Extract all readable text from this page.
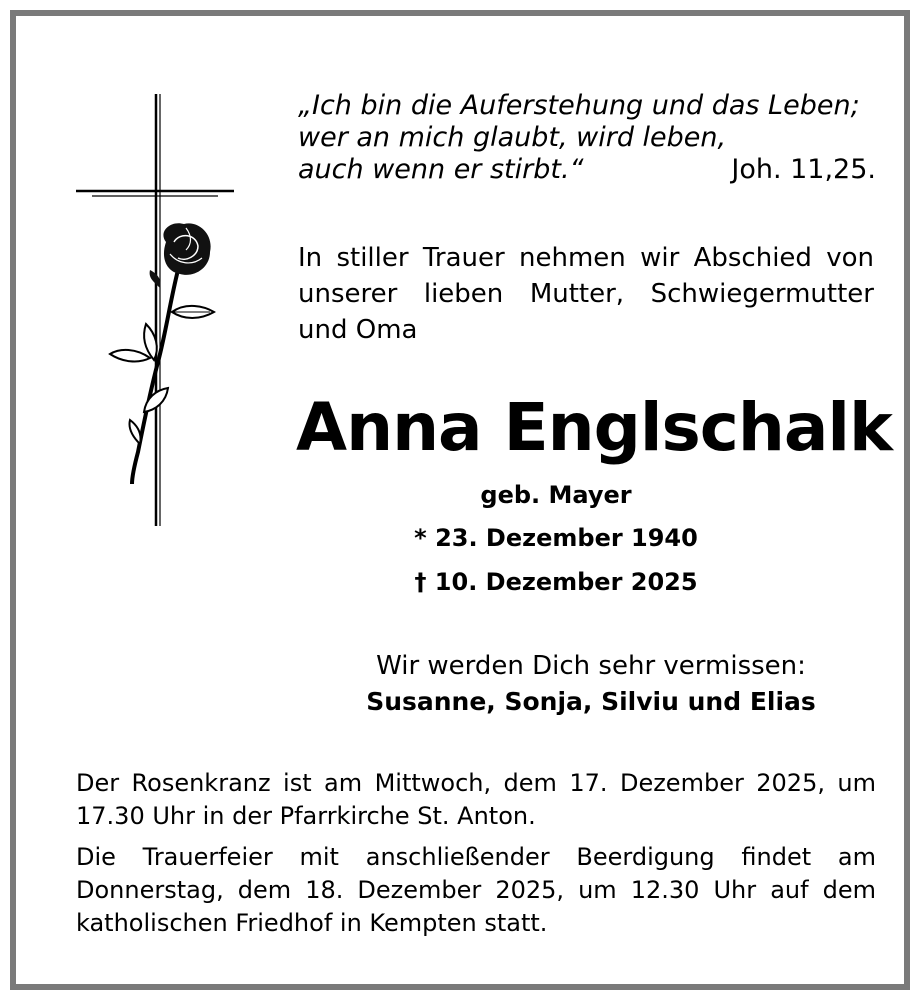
„Ich bin die Auferstehung und das Leben;
wer an mich glaubt, wird leben,
auch wenn er stirbt.“	Joh. 11,25.
In stiller Trauer nehmen wir Abschied von unserer lieben Mutter, Schwiegermutter und Oma
Anna Englschalk
geb. Mayer
* 23. Dezember 1940
† 10. Dezember 2025
Wir werden Dich sehr vermissen:
Susanne, Sonja, Silviu und Elias

Der Rosenkranz ist am Mittwoch, dem 17. Dezember 2025, um 17.30 Uhr in der Pfarrkirche St. Anton.

Die Trauerfeier mit anschließender Beerdigung findet am Donnerstag, dem 18. Dezember 2025, um 12.30 Uhr auf dem katholischen Friedhof in Kempten statt.
